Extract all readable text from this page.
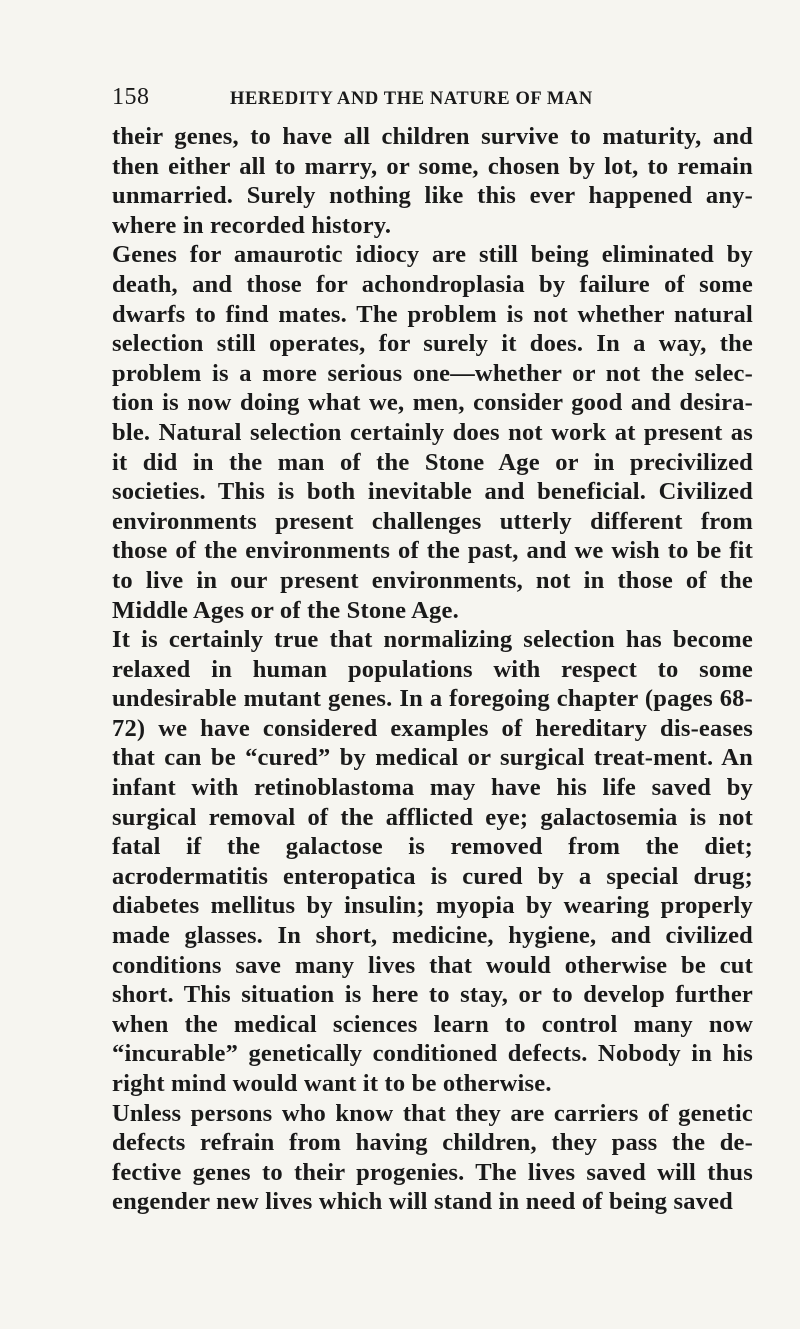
158	HEREDITY AND THE NATURE OF MAN

their genes, to have all children survive to maturity, and then either all to marry, or some, chosen by lot, to remain unmarried. Surely nothing like this ever happened any-where in recorded history.

Genes for amaurotic idiocy are still being eliminated by death, and those for achondroplasia by failure of some dwarfs to find mates. The problem is not whether natural selection still operates, for surely it does. In a way, the problem is a more serious one—whether or not the selec-tion is now doing what we, men, consider good and desira-ble. Natural selection certainly does not work at present as it did in the man of the Stone Age or in precivilized societies. This is both inevitable and beneficial. Civilized environments present challenges utterly different from those of the environments of the past, and we wish to be fit to live in our present environments, not in those of the Middle Ages or of the Stone Age.

It is certainly true that normalizing selection has become relaxed in human populations with respect to some undesirable mutant genes. In a foregoing chapter (pages 68-72) we have considered examples of hereditary dis-eases that can be “cured” by medical or surgical treat-ment. An infant with retinoblastoma may have his life saved by surgical removal of the afflicted eye; galactosemia is not fatal if the galactose is removed from the diet; acrodermatitis enteropatica is cured by a special drug; diabetes mellitus by insulin; myopia by wearing properly made glasses. In short, medicine, hygiene, and civilized conditions save many lives that would otherwise be cut short. This situation is here to stay, or to develop further when the medical sciences learn to control many now “incurable” genetically conditioned defects. Nobody in his right mind would want it to be otherwise.

Unless persons who know that they are carriers of genetic defects refrain from having children, they pass the de-fective genes to their progenies. The lives saved will thus engender new lives which will stand in need of being saved
